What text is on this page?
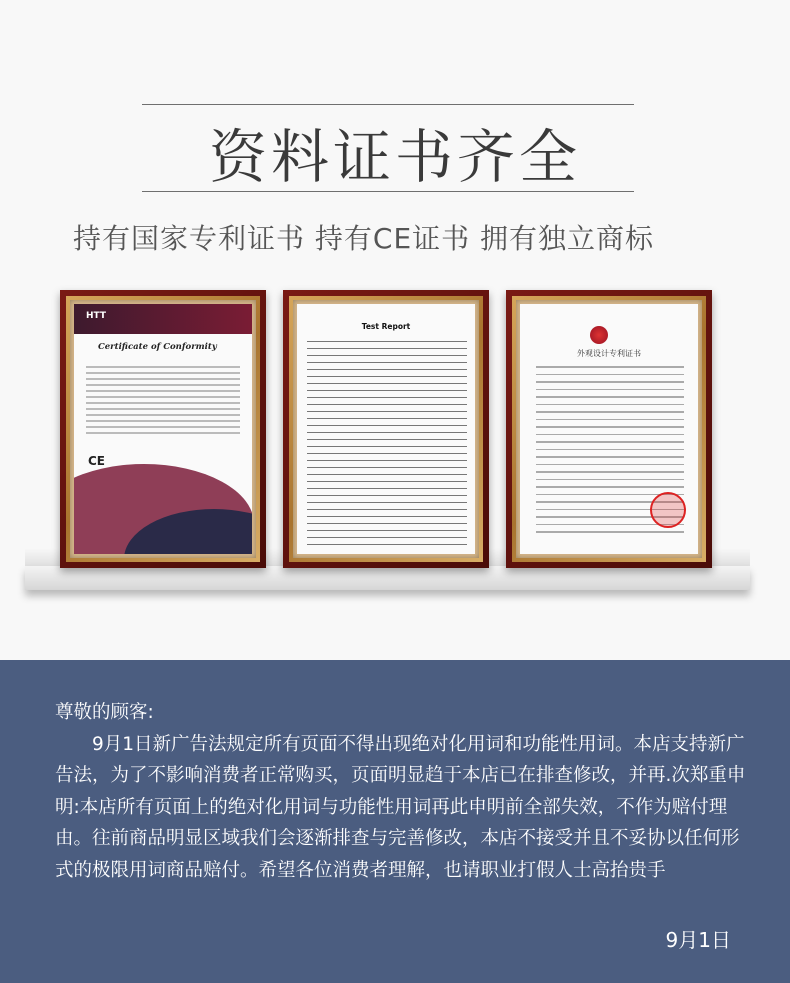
资料证书齐全
持有国家专利证书 持有CE证书 拥有独立商标
HTT
Certificate of Conformity
CE
Test Report
外观设计专利证书
尊敬的顾客:
9月1日新广告法规定所有页面不得出现绝对化用词和功能性用词。本店支持新广告法，为了不影响消费者正常购买，页面明显趋于本店已在排查修改，并再.次郑重申明:本店所有页面上的绝对化用词与功能性用词再此申明前全部失效，不作为赔付理由。往前商品明显区域我们会逐渐排查与完善修改，本店不接受并且不妥协以任何形式的极限用词商品赔付。希望各位消费者理解，也请职业打假人士高抬贵手
9月1日
